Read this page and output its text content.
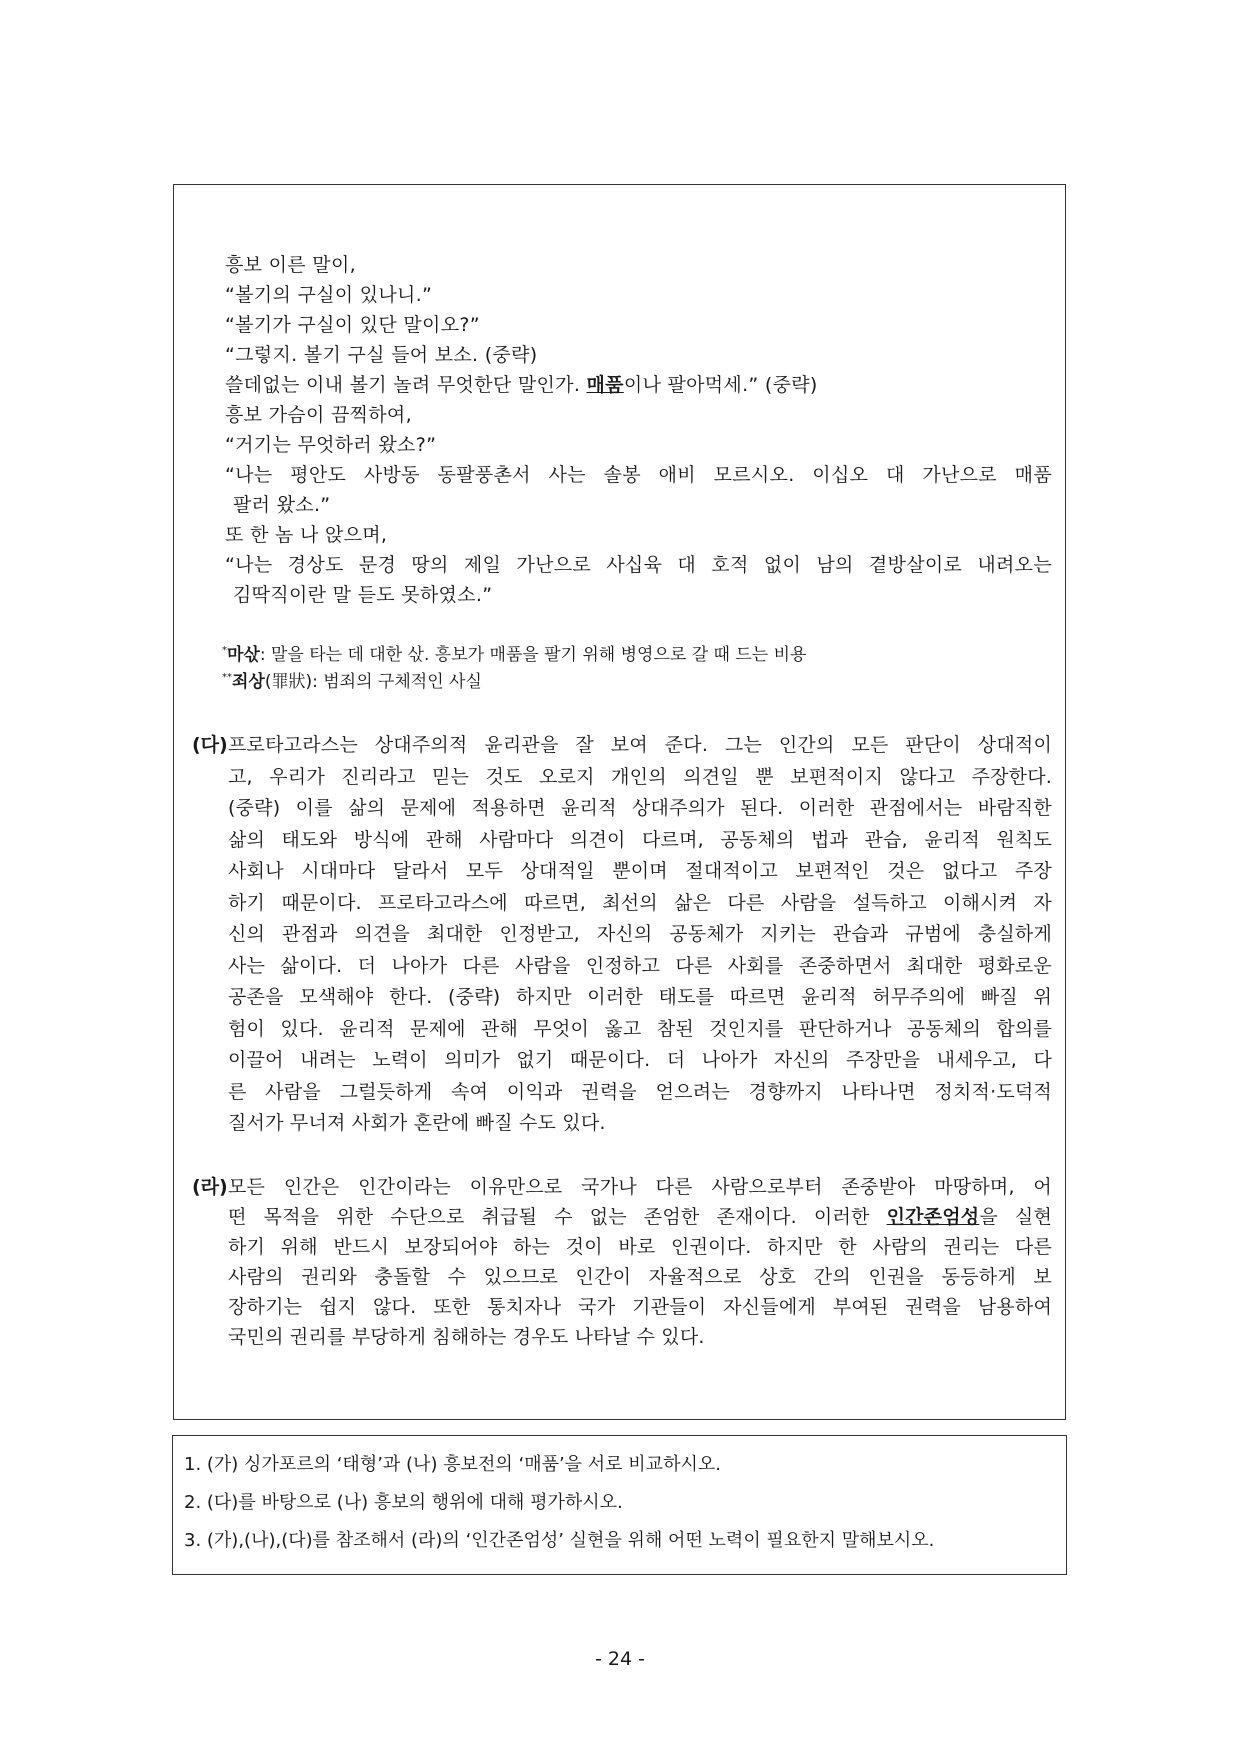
흥보 이른 말이,
“볼기의 구실이 있나니.”
“볼기가 구실이 있단 말이오?”
“그렇지. 볼기 구실 들어 보소. (중략)
쓸데없는 이내 볼기 놀려 무엇한단 말인가. 매품이나 팔아먹세.” (중략)
흥보 가슴이 끔찍하여,
“거기는 무엇하러 왔소?”
“나는 평안도 사방동 동팔풍촌서 사는 솔봉 애비 모르시오. 이십오 대 가난으로 매품
팔러 왔소.”
또 한 놈 나 앉으며,
“나는 경상도 문경 땅의 제일 가난으로 사십육 대 호적 없이 남의 곁방살이로 내려오는
김딱직이란 말 듣도 못하였소.”
*마삯: 말을 타는 데 대한 삯. 흥보가 매품을 팔기 위해 병영으로 갈 때 드는 비용
**죄상(罪狀): 범죄의 구체적인 사실
(다) 프로타고라스는 상대주의적 윤리관을 잘 보여 준다. 그는 인간의 모든 판단이 상대적이
고, 우리가 진리라고 믿는 것도 오로지 개인의 의견일 뿐 보편적이지 않다고 주장한다.
(중략) 이를 삶의 문제에 적용하면 윤리적 상대주의가 된다. 이러한 관점에서는 바람직한
삶의 태도와 방식에 관해 사람마다 의견이 다르며, 공동체의 법과 관습, 윤리적 원칙도
사회나 시대마다 달라서 모두 상대적일 뿐이며 절대적이고 보편적인 것은 없다고 주장
하기 때문이다. 프로타고라스에 따르면, 최선의 삶은 다른 사람을 설득하고 이해시켜 자
신의 관점과 의견을 최대한 인정받고, 자신의 공동체가 지키는 관습과 규범에 충실하게
사는 삶이다. 더 나아가 다른 사람을 인정하고 다른 사회를 존중하면서 최대한 평화로운
공존을 모색해야 한다. (중략) 하지만 이러한 태도를 따르면 윤리적 허무주의에 빠질 위
험이 있다. 윤리적 문제에 관해 무엇이 옳고 참된 것인지를 판단하거나 공동체의 합의를
이끌어 내려는 노력이 의미가 없기 때문이다. 더 나아가 자신의 주장만을 내세우고, 다
른 사람을 그럴듯하게 속여 이익과 권력을 얻으려는 경향까지 나타나면 정치적·도덕적
질서가 무너져 사회가 혼란에 빠질 수도 있다.
(라) 모든 인간은 인간이라는 이유만으로 국가나 다른 사람으로부터 존중받아 마땅하며, 어
떤 목적을 위한 수단으로 취급될 수 없는 존엄한 존재이다. 이러한 인간존엄성을 실현
하기 위해 반드시 보장되어야 하는 것이 바로 인권이다. 하지만 한 사람의 권리는 다른
사람의 권리와 충돌할 수 있으므로 인간이 자율적으로 상호 간의 인권을 동등하게 보
장하기는 쉽지 않다. 또한 통치자나 국가 기관들이 자신들에게 부여된 권력을 남용하여
국민의 권리를 부당하게 침해하는 경우도 나타날 수 있다.
1. (가) 싱가포르의 ‘태형’과 (나) 흥보전의 ‘매품’을 서로 비교하시오.
2. (다)를 바탕으로 (나) 흥보의 행위에 대해 평가하시오.
3. (가),(나),(다)를 참조해서 (라)의 ‘인간존엄성’ 실현을 위해 어떤 노력이 필요한지 말해보시오.
- 24 -
